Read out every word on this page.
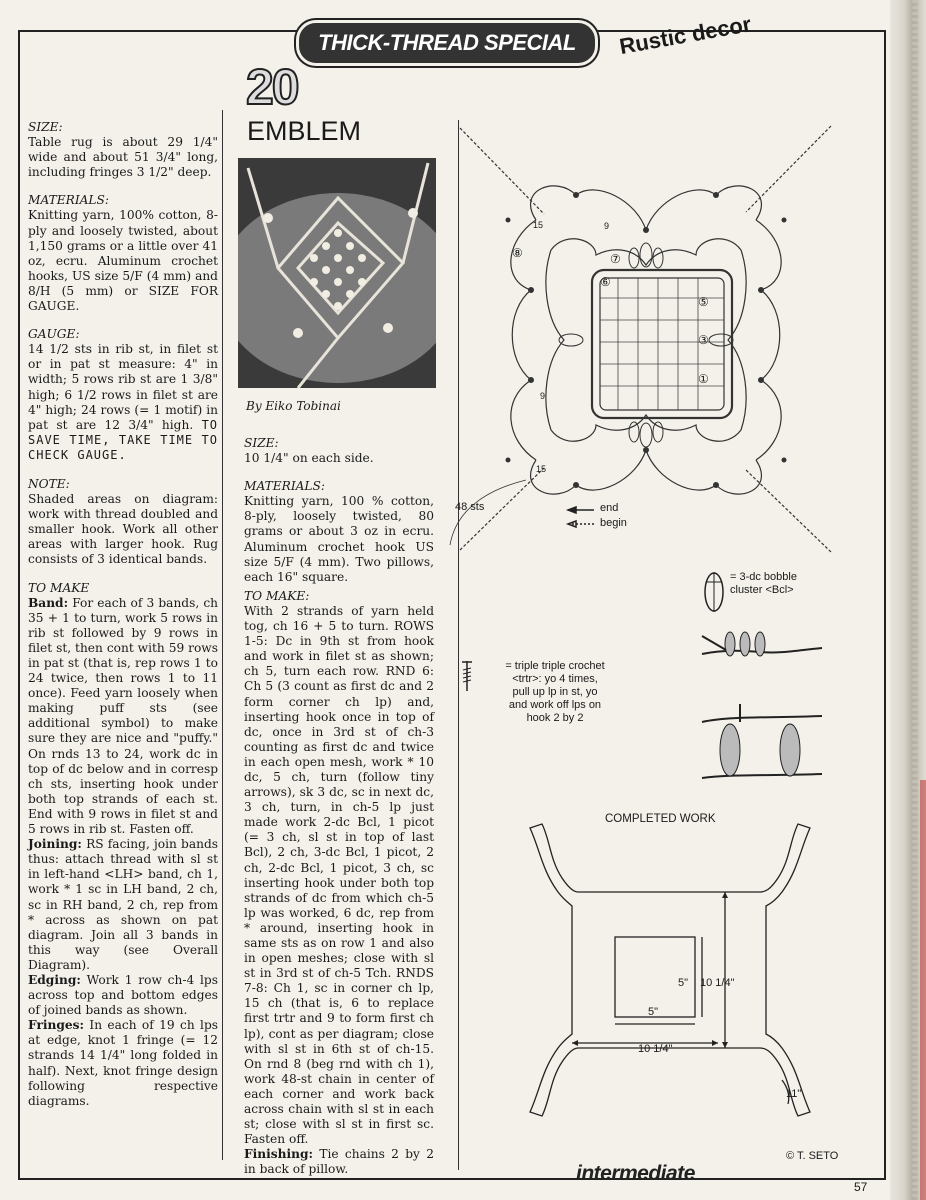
THICK-THREAD SPECIAL Rustic decor
20
EMBLEM

SIZE:
Table rug is about 29 1/4" wide and about 51 3/4" long, including fringes 3 1/2" deep.

MATERIALS:
Knitting yarn, 100% cotton, 8-ply and loosely twisted, about 1,150 grams or a little over 41 oz, ecru. Aluminum crochet hooks, US size 5/F (4 mm) and 8/H (5 mm) or SIZE FOR GAUGE.

GAUGE:
14 1/2 sts in rib st, in filet st or in pat st measure: 4" in width; 5 rows rib st are 1 3/8" high; 6 1/2 rows in filet st are 4" high; 24 rows (= 1 motif) in pat st are 12 3/4" high. TO SAVE TIME, TAKE TIME TO CHECK GAUGE.

NOTE:
Shaded areas on diagram: work with thread doubled and smaller hook. Work all other areas with larger hook. Rug consists of 3 identical bands.

TO MAKE
Band: For each of 3 bands, ch 35 + 1 to turn, work 5 rows in rib st followed by 9 rows in filet st, then cont with 59 rows in pat st (that is, rep rows 1 to 24 twice, then rows 1 to 11 once). Feed yarn loosely when making puff sts (see additional symbol) to make sure they are nice and "puffy." On rnds 13 to 24, work dc in top of dc below and in corresp ch sts, inserting hook under both top strands of each st. End with 9 rows in filet st and 5 rows in rib st. Fasten off.
Joining: RS facing, join bands thus: attach thread with sl st in left-hand <LH> band, ch 1, work * 1 sc in LH band, 2 ch, sc in RH band, 2 ch, rep from * across as shown on pat diagram. Join all 3 bands in this way (see Overall Diagram).
Edging: Work 1 row ch-4 lps across top and bottom edges of joined bands as shown.
Fringes: In each of 19 ch lps at edge, knot 1 fringe (= 12 strands 14 1/4" long folded in half). Next, knot fringe design following respective diagrams.

By Eiko Tobinai

SIZE:
10 1/4" on each side.

MATERIALS:
Knitting yarn, 100 % cotton, 8-ply, loosely twisted, 80 grams or about 3 oz in ecru. Aluminum crochet hook US size 5/F (4 mm). Two pillows, each 16" square.

TO MAKE:
With 2 strands of yarn held tog, ch 16 + 5 to turn. ROWS 1-5: Dc in 9th st from hook and work in filet st as shown; ch 5, turn each row. RND 6: Ch 5 (3 count as first dc and 2 form corner ch lp) and, inserting hook once in top of dc, once in 3rd st of ch-3 counting as first dc and twice in each open mesh, work * 10 dc, 5 ch, turn (follow tiny arrows), sk 3 dc, sc in next dc, 3 ch, turn, in ch-5 lp just made work 2-dc Bcl, 1 picot (= 3 ch, sl st in top of last Bcl), 2 ch, 3-dc Bcl, 1 picot, 2 ch, 2-dc Bcl, 1 picot, 3 ch, sc inserting hook under both top strands of dc from which ch-5 lp was worked, 6 dc, rep from * around, inserting hook in same sts as on row 1 and also in open meshes; close with sl st in 3rd st of ch-5 Tch. RNDS 7-8: Ch 1, sc in corner ch lp, 15 ch (that is, 6 to replace first trtr and 9 to form first ch lp), cont as per diagram; close with sl st in 6th st of ch-15. On rnd 8 (beg rnd with ch 1), work 48-st chain in center of each corner and work back across chain with sl st in each st; close with sl st in first sc. Fasten off.
Finishing: Tie chains 2 by 2 in back of pillow.

15	9
⑧	⑦
⑥
⑤
③
①
9
15
48 sts	end
begin
= 3-dc bobble cluster <Bcl>
= triple triple crochet
<trtr>: yo 4 times,
pull up lp in st, yo
and work off lps on
hook 2 by 2
COMPLETED WORK
5"
5"
10 1/4"
10 1/4"
11"
© T. SETO
intermediate
57
